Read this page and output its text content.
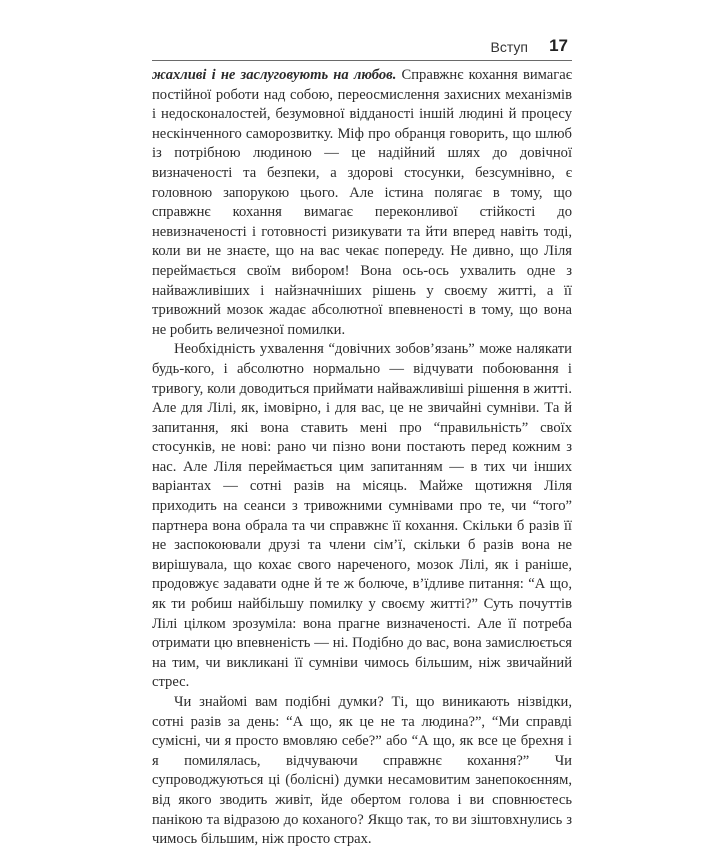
Вступ 17

жахливі і не заслуговують на любов. Справжнє кохання вимагає постійної роботи над собою, переосмислення захисних механізмів і недосконалостей, безумовної відданості іншій людині й процесу нескінченного саморозвитку. Міф про обранця говорить, що шлюб із потрібною людиною — це надійний шлях до довічної визначеності та безпеки, а здорові стосунки, безсумнівно, є головною запорукою цього. Але істина полягає в тому, що справжнє кохання вимагає переконливої стійкості до невизначеності і готовності ризикувати та йти вперед навіть тоді, коли ви не знаєте, що на вас чекає попереду. Не дивно, що Ліля переймається своїм вибором! Вона ось-ось ухвалить одне з найважливіших і найзначніших рішень у своєму житті, а її тривожний мозок жадає абсолютної впевненості в тому, що вона не робить величезної помилки.

Необхідність ухвалення “довічних зобов’язань” може налякати будь-кого, і абсолютно нормально — відчувати побоювання і тривогу, коли доводиться приймати найважливіші рішення в житті. Але для Лілі, як, імовірно, і для вас, це не звичайні сумніви. Та й запитання, які вона ставить мені про “правильність” своїх стосунків, не нові: рано чи пізно вони постають перед кожним з нас. Але Ліля переймається цим запитанням — в тих чи інших варіантах — сотні разів на місяць. Майже щотижня Ліля приходить на сеанси з тривожними сумнівами про те, чи “того” партнера вона обрала та чи справжнє її кохання. Скільки б разів її не заспокоювали друзі та члени сім’ї, скільки б разів вона не вирішувала, що кохає свого нареченого, мозок Лілі, як і раніше, продовжує задавати одне й те ж болюче, в’їдливе питання: “А що, як ти робиш найбільшу помилку у своєму житті?” Суть почуттів Лілі цілком зрозуміла: вона прагне визначеності. Але її потреба отримати цю впевненість — ні. Подібно до вас, вона замислюється на тим, чи викликані її сумніви чимось більшим, ніж звичайний стрес.

Чи знайомі вам подібні думки? Ті, що виникають нізвідки, сотні разів за день: “А що, як це не та людина?”, “Ми справді сумісні, чи я просто вмовляю себе?” або “А що, як все це брехня і я помилялась, відчуваючи справжнє кохання?” Чи супроводжуються ці (болісні) думки несамовитим занепокоєнням, від якого зводить живіт, йде обертом голова і ви сповнюєтесь панікою та відразою до коханого? Якщо так, то ви зіштовхнулись з чимось більшим, ніж просто страх.
